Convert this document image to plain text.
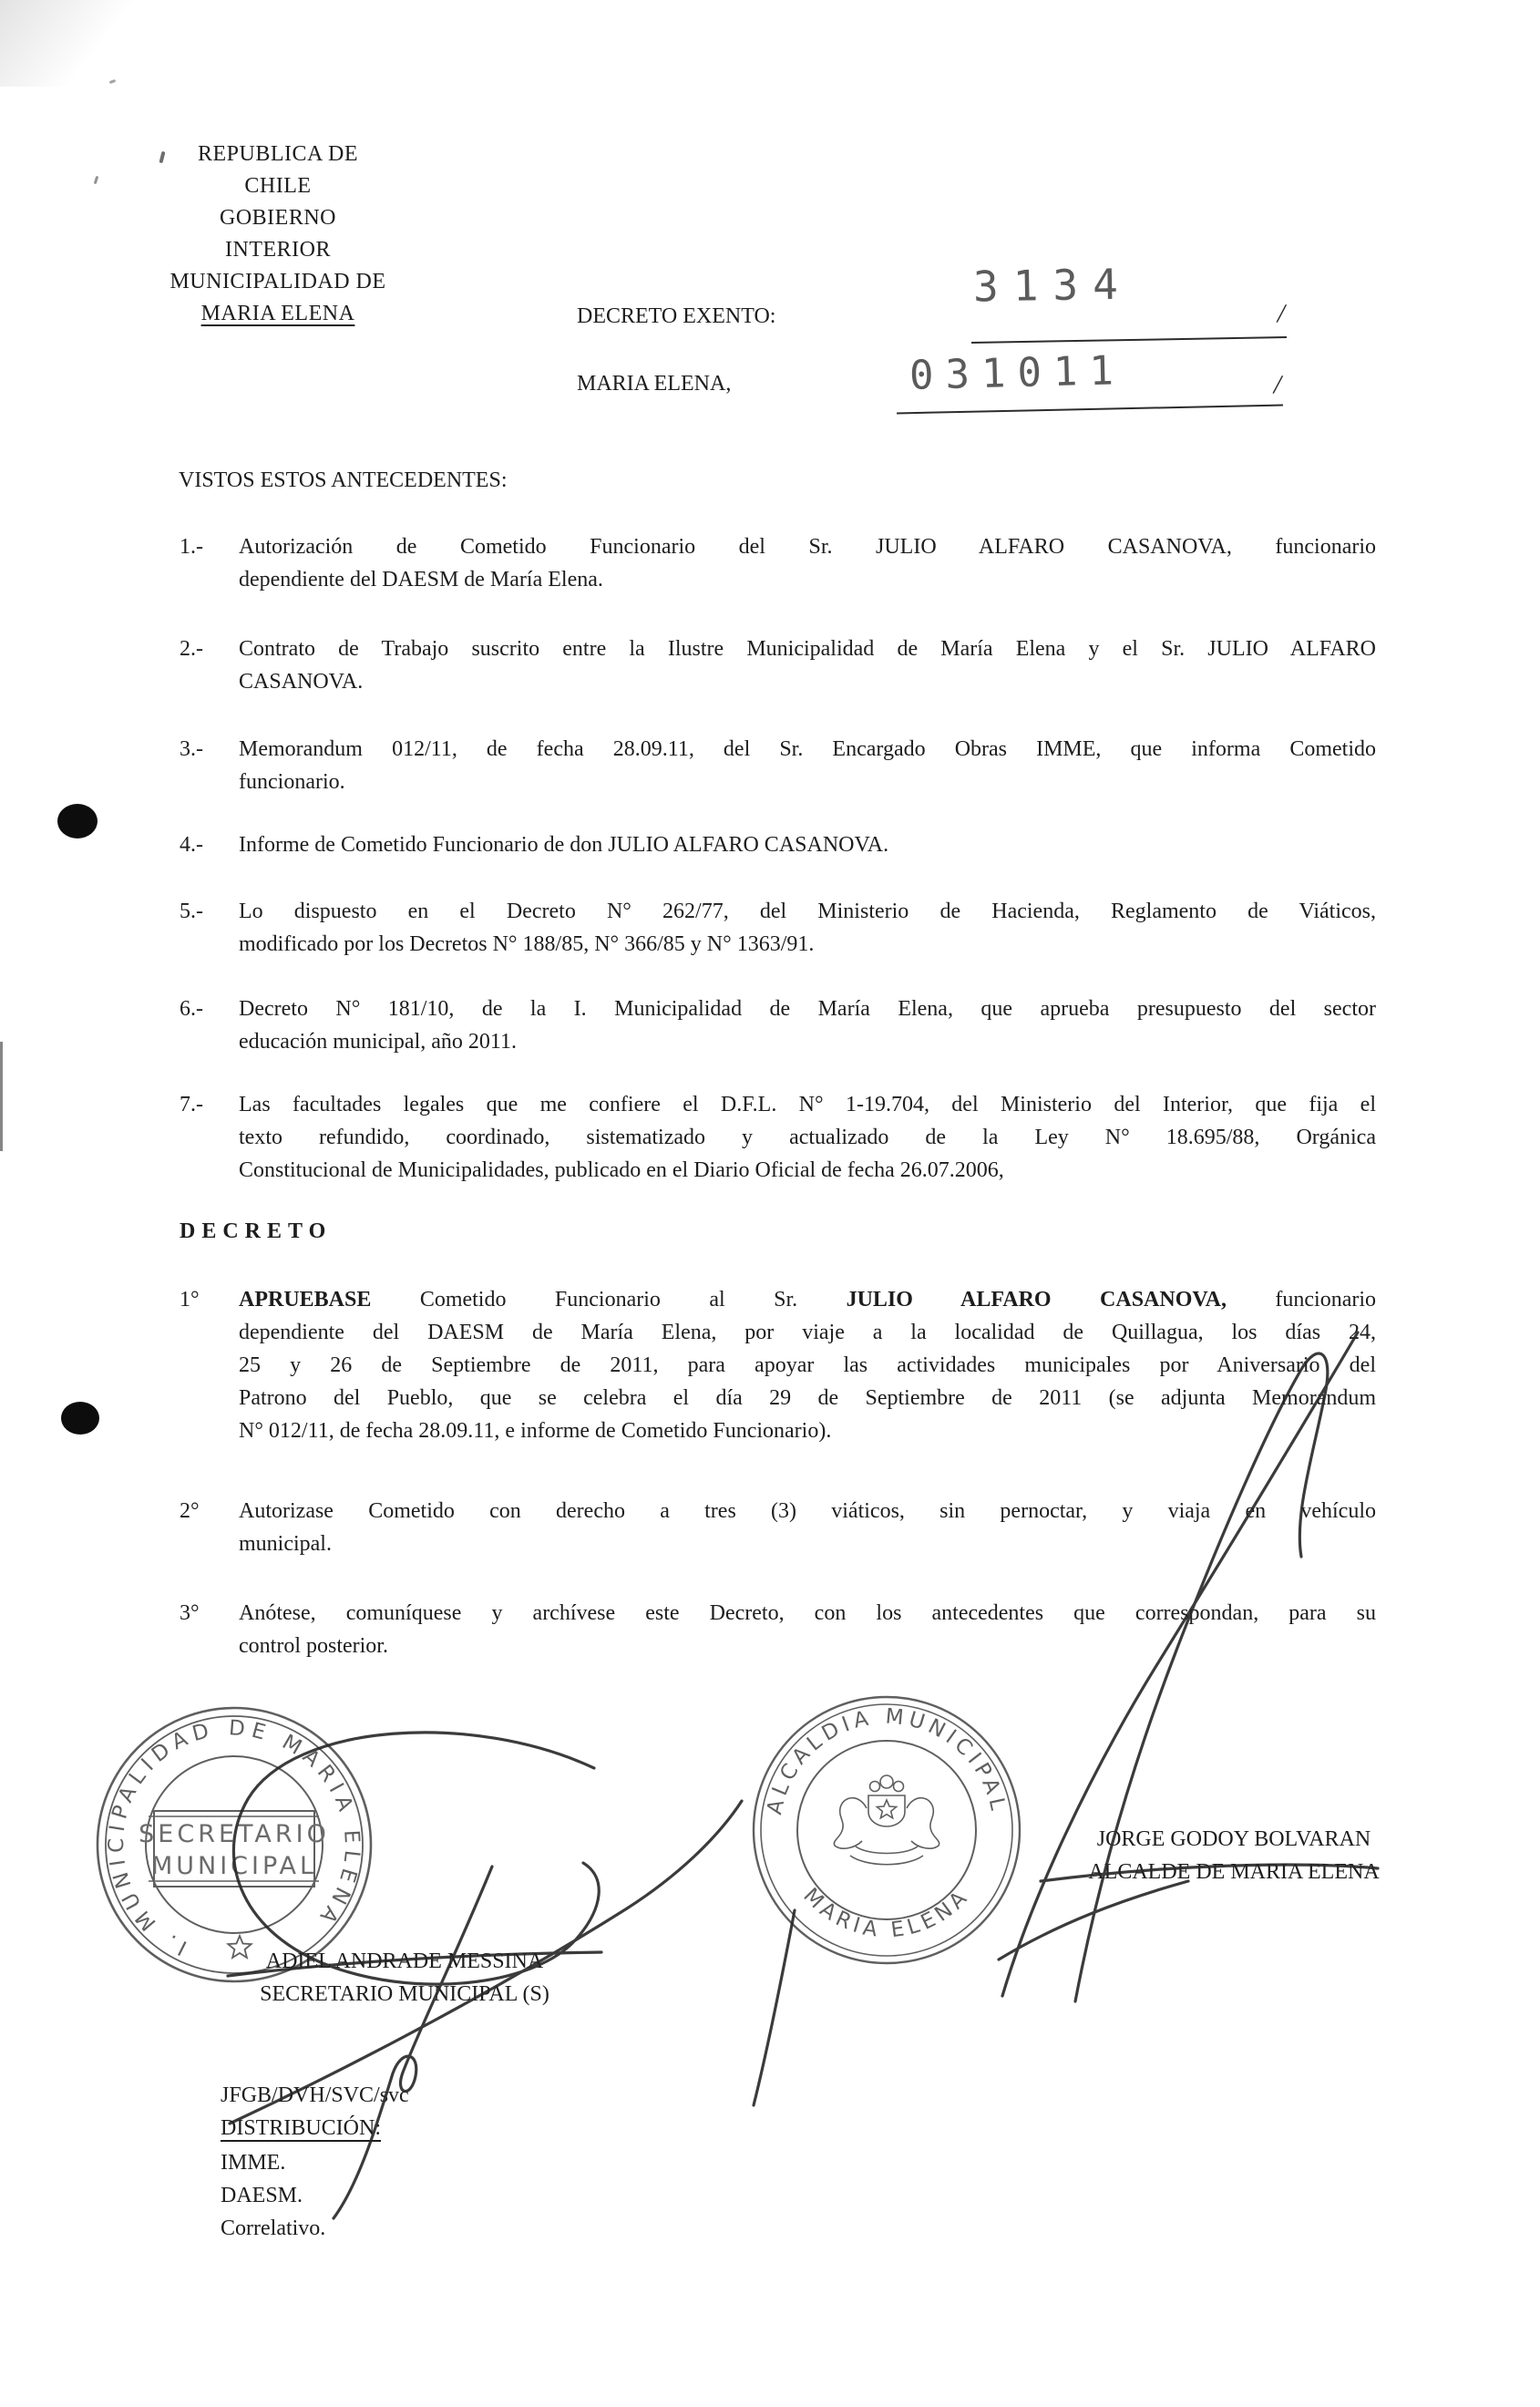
REPUBLICA DE CHILE
GOBIERNO INTERIOR
MUNICIPALIDAD DE
MARIA ELENA	DECRETO EXENTO:
3134
/
MARIA ELENA,	031011	/
VISTOS ESTOS ANTECEDENTES:
1.- Autorización de Cometido Funcionario del Sr. JULIO ALFARO CASANOVA, funcionario
dependiente del DAESM de María Elena.
2.- Contrato de Trabajo suscrito entre la Ilustre Municipalidad de María Elena y el Sr. JULIO ALFARO
CASANOVA.
3.- Memorandum 012/11, de fecha 28.09.11, del Sr. Encargado Obras IMME, que informa Cometido
funcionario.
4.- Informe de Cometido Funcionario de don JULIO ALFARO CASANOVA.
5.- Lo dispuesto en el Decreto N° 262/77, del Ministerio de Hacienda, Reglamento de Viáticos,
modificado por los Decretos N° 188/85, N° 366/85 y N° 1363/91.
6.- Decreto N° 181/10, de la I. Municipalidad de María Elena, que aprueba presupuesto del sector
educación municipal, año 2011.
7.- Las facultades legales que me confiere el D.F.L. N° 1-19.704, del Ministerio del Interior, que fija el
texto refundido, coordinado, sistematizado y actualizado de la Ley N° 18.695/88, Orgánica
Constitucional de Municipalidades, publicado en el Diario Oficial de fecha 26.07.2006,
DECRETO
1° APRUEBASE Cometido Funcionario al Sr. JULIO ALFARO CASANOVA, funcionario
dependiente del DAESM de María Elena, por viaje a la localidad de Quillagua, los días 24,
25 y 26 de Septiembre de 2011, para apoyar las actividades municipales por Aniversario del
Patrono del Pueblo, que se celebra el día 29 de Septiembre de 2011 (se adjunta Memorandum
N° 012/11, de fecha 28.09.11, e informe de Cometido Funcionario).
2° Autorizase Cometido con derecho a tres (3) viáticos, sin pernoctar, y viaja en vehículo
municipal.
3° Anótese, comuníquese y archívese este Decreto, con los antecedentes que correspondan, para su
control posterior.
I. MUNICIPALIDAD DE MARIA ELENA
SECRETARIO
MUNICIPAL
ALCALDIA MUNICIPAL
MARIA ELENA
ADIEL ANDRADE MESSINA
SECRETARIO MUNICIPAL (S)
JORGE GODOY BOLVARAN
ALCALDE DE MARIA ELENA
JFGB/DVH/SVC/svc
DISTRIBUCIÓN:
IMME.
DAESM.
Correlativo.
